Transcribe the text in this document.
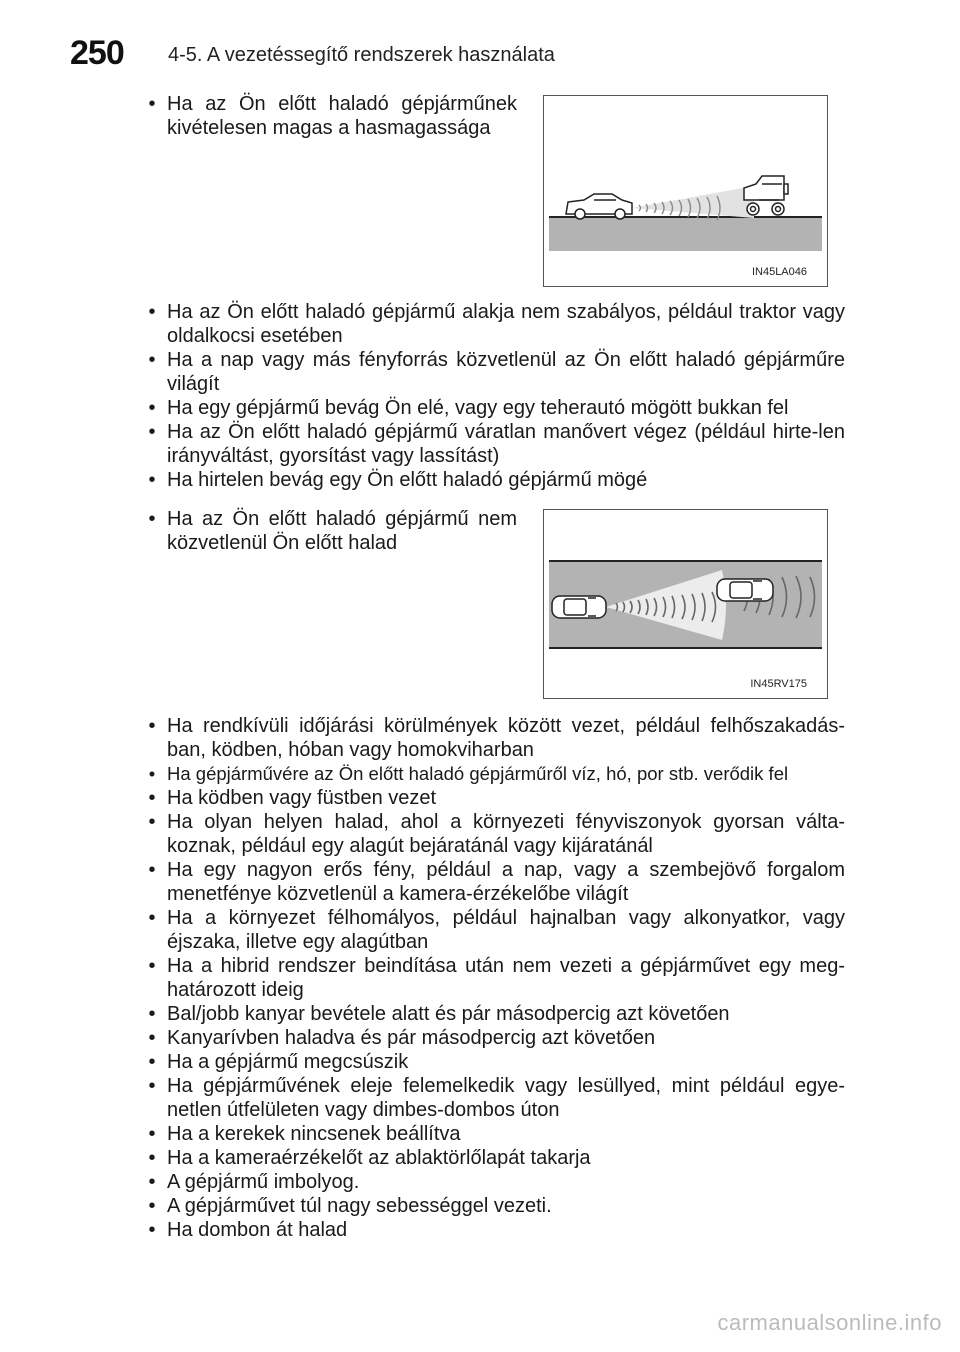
250 4-5. A vezetéssegítő rendszerek használata
• Ha az Ön előtt haladó gépjárműnek kivételesen magas a hasmagassága
IN45LA046
• Ha az Ön előtt haladó gépjármű alakja nem szabályos, például traktor vagy oldalkocsi esetében
• Ha a nap vagy más fényforrás közvetlenül az Ön előtt haladó gépjárműre világít
• Ha egy gépjármű bevág Ön elé, vagy egy teherautó mögött bukkan fel
• Ha az Ön előtt haladó gépjármű váratlan manővert végez (például hirte-len irányváltást, gyorsítást vagy lassítást)
• Ha hirtelen bevág egy Ön előtt haladó gépjármű mögé
• Ha az Ön előtt haladó gépjármű nem közvetlenül Ön előtt halad
IN45RV175
• Ha rendkívüli időjárási körülmények között vezet, például felhőszakadás-ban, ködben, hóban vagy homokviharban
• Ha gépjárművére az Ön előtt haladó gépjárműről víz, hó, por stb. verődik fel
• Ha ködben vagy füstben vezet
• Ha olyan helyen halad, ahol a környezeti fényviszonyok gyorsan válta-koznak, például egy alagút bejáratánál vagy kijáratánál
• Ha egy nagyon erős fény, például a nap, vagy a szembejövő forgalom menetfénye közvetlenül a kamera-érzékelőbe világít
• Ha a környezet félhomályos, például hajnalban vagy alkonyatkor, vagy éjszaka, illetve egy alagútban
• Ha a hibrid rendszer beindítása után nem vezeti a gépjárművet egy meg-határozott ideig
• Bal/jobb kanyar bevétele alatt és pár másodpercig azt követően
• Kanyarívben haladva és pár másodpercig azt követően
• Ha a gépjármű megcsúszik
• Ha gépjárművének eleje felemelkedik vagy lesüllyed, mint például egye-netlen útfelületen vagy dimbes-dombos úton
• Ha a kerekek nincsenek beállítva
• Ha a kameraérzékelőt az ablaktörlőlapát takarja
• A gépjármű imbolyog.
• A gépjárművet túl nagy sebességgel vezeti.
• Ha dombon át halad
carmanualsonline.info
